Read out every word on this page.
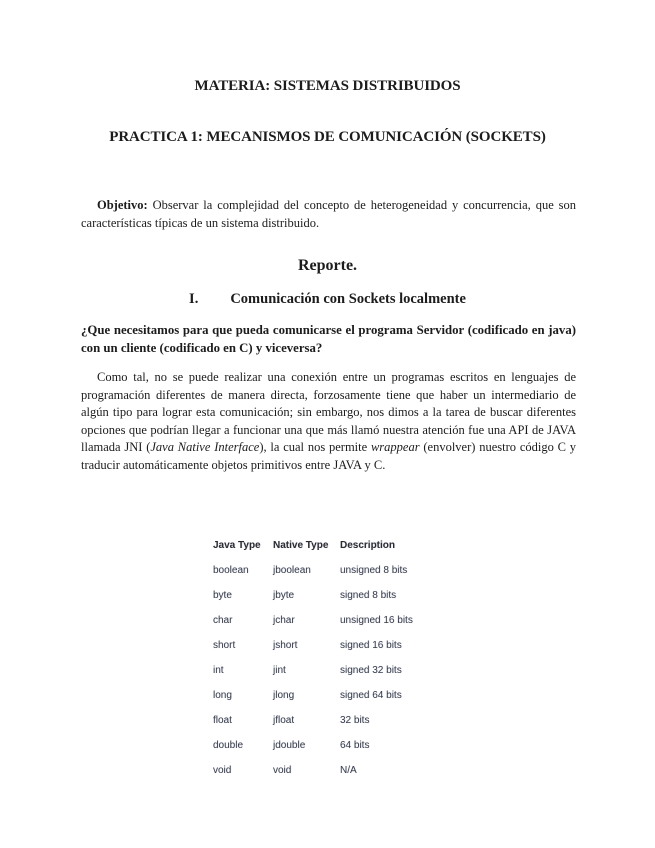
MATERIA: SISTEMAS DISTRIBUIDOS
PRACTICA 1: MECANISMOS DE COMUNICACIÓN (SOCKETS)

Objetivo: Observar la complejidad del concepto de heterogeneidad y concurrencia, que son características típicas de un sistema distribuido.

Reporte.
I. Comunicación con Sockets localmente

¿Que necesitamos para que pueda comunicarse el programa Servidor (codificado en java) con un cliente (codificado en C) y viceversa?

Como tal, no se puede realizar una conexión entre un programas escritos en lenguajes de programación diferentes de manera directa, forzosamente tiene que haber un intermediario de algún tipo para lograr esta comunicación; sin embargo, nos dimos a la tarea de buscar diferentes opciones que podrían llegar a funcionar una que más llamó nuestra atención fue una API de JAVA llamada JNI (Java Native Interface), la cual nos permite wrappear (envolver) nuestro código C y traducir automáticamente objetos primitivos entre JAVA y C.

Java Type	Native Type	Description
boolean	jboolean	unsigned 8 bits
byte	jbyte	signed 8 bits
char	jchar	unsigned 16 bits
short	jshort	signed 16 bits
int	jint	signed 32 bits
long	jlong	signed 64 bits
float	jfloat	32 bits
double	jdouble	64 bits
void	void	N/A
